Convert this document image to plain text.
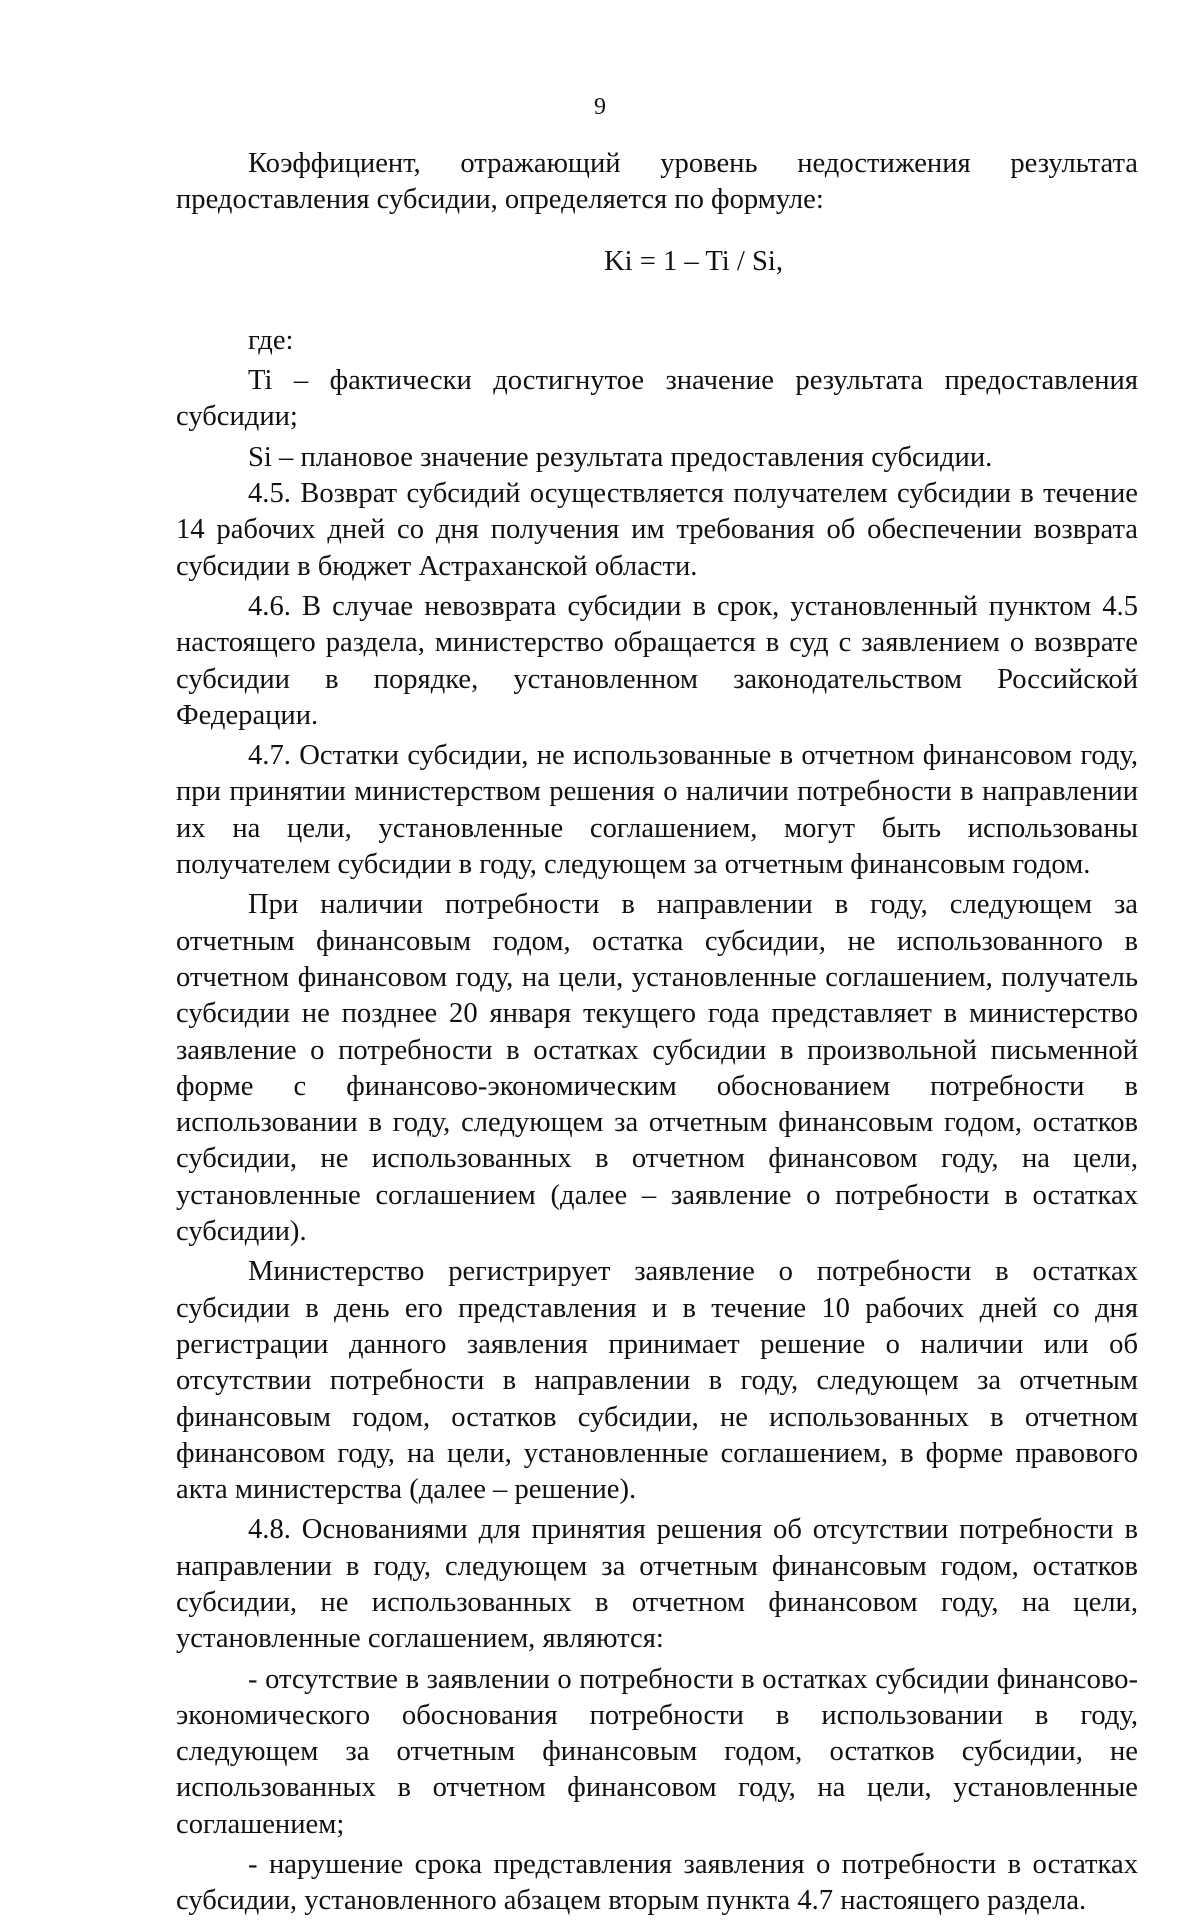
9

Коэффициент, отражающий уровень недостижения результата предоставления субсидии, определяется по формуле:

Ki = 1 – Ti / Si,

где:

Ti – фактически достигнутое значение результата предоставления субсидии;

Si – плановое значение результата предоставления субсидии.

4.5. Возврат субсидий осуществляется получателем субсидии в течение 14 рабочих дней со дня получения им требования об обеспечении возврата субсидии в бюджет Астраханской области.

4.6. В случае невозврата субсидии в срок, установленный пунктом 4.5 настоящего раздела, министерство обращается в суд с заявлением о возврате субсидии в порядке, установленном законодательством Российской Федерации.

4.7. Остатки субсидии, не использованные в отчетном финансовом году, при принятии министерством решения о наличии потребности в направлении их на цели, установленные соглашением, могут быть использованы получателем субсидии в году, следующем за отчетным финансовым годом.

При наличии потребности в направлении в году, следующем за отчетным финансовым годом, остатка субсидии, не использованного в отчетном финансовом году, на цели, установленные соглашением, получатель субсидии не позднее 20 января текущего года представляет в министерство заявление о потребности в остатках субсидии в произвольной письменной форме с финансово-экономическим обоснованием потребности в использовании в году, следующем за отчетным финансовым годом, остатков субсидии, не использованных в отчетном финансовом году, на цели, установленные соглашением (далее – заявление о потребности в остатках субсидии).

Министерство регистрирует заявление о потребности в остатках субсидии в день его представления и в течение 10 рабочих дней со дня регистрации данного заявления принимает решение о наличии или об отсутствии потребности в направлении в году, следующем за отчетным финансовым годом, остатков субсидии, не использованных в отчетном финансовом году, на цели, установленные соглашением, в форме правового акта министерства (далее – решение).

4.8. Основаниями для принятия решения об отсутствии потребности в направлении в году, следующем за отчетным финансовым годом, остатков субсидии, не использованных в отчетном финансовом году, на цели, установленные соглашением, являются:

- отсутствие в заявлении о потребности в остатках субсидии финансово-экономического обоснования потребности в использовании в году, следующем за отчетным финансовым годом, остатков субсидии, не использованных в отчетном финансовом году, на цели, установленные соглашением;

- нарушение срока представления заявления о потребности в остатках субсидии, установленного абзацем вторым пункта 4.7 настоящего раздела.
